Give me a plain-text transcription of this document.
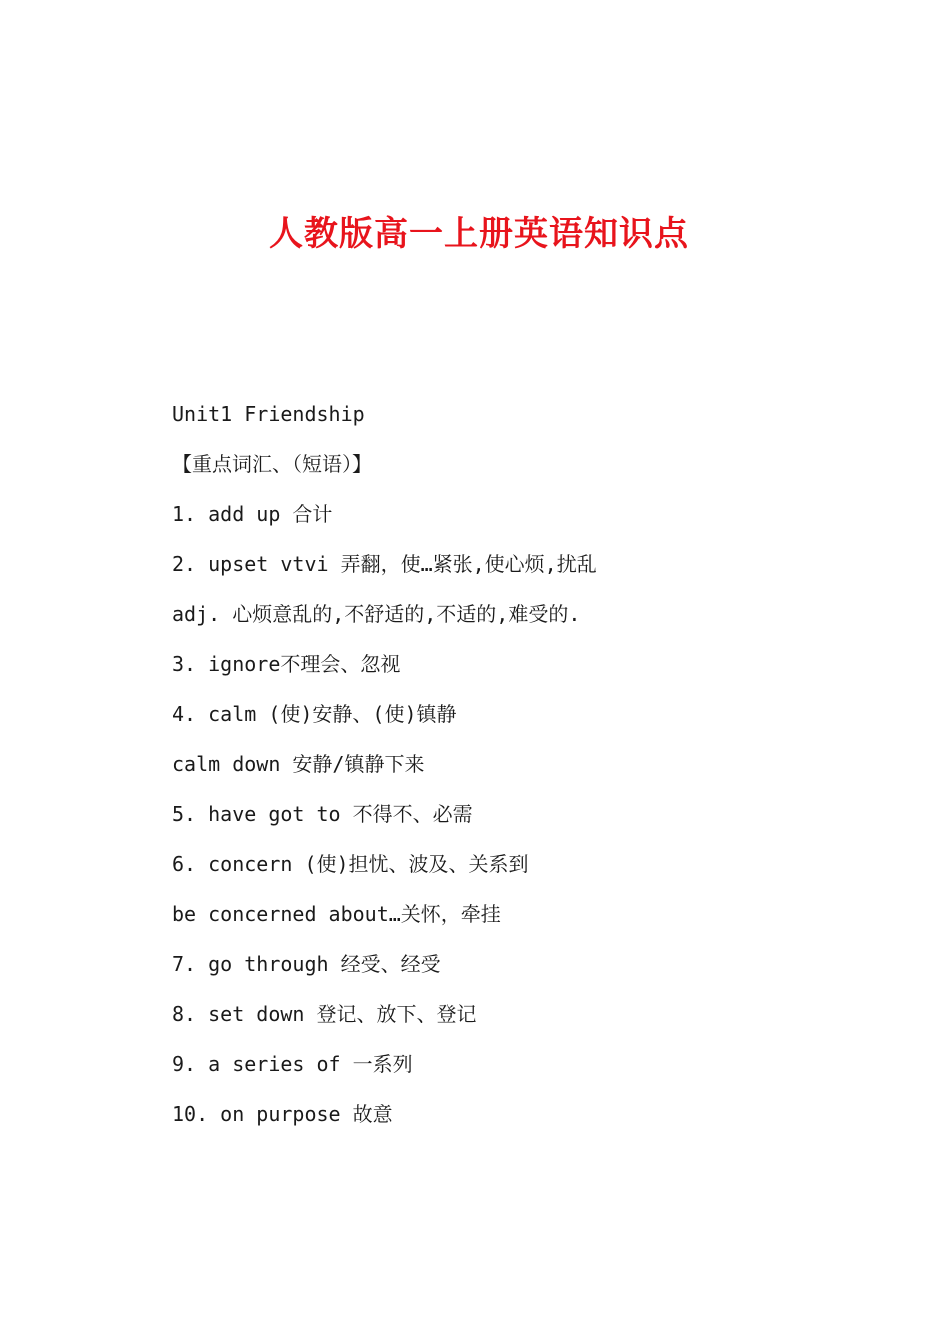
人教版高一上册英语知识点
Unit1 Friendship
【重点词汇、（短语）】
1. add up 合计
2. upset vtvi 弄翻，使…紧张,使心烦,扰乱
adj. 心烦意乱的,不舒适的,不适的,难受的.
3. ignore不理会、忽视
4. calm (使)安静、(使)镇静
calm down 安静/镇静下来
5. have got to 不得不、必需
6. concern (使)担忧、波及、关系到
be concerned about…关怀，牵挂
7. go through 经受、经受
8. set down 登记、放下、登记
9. a series of 一系列
10. on purpose 故意
